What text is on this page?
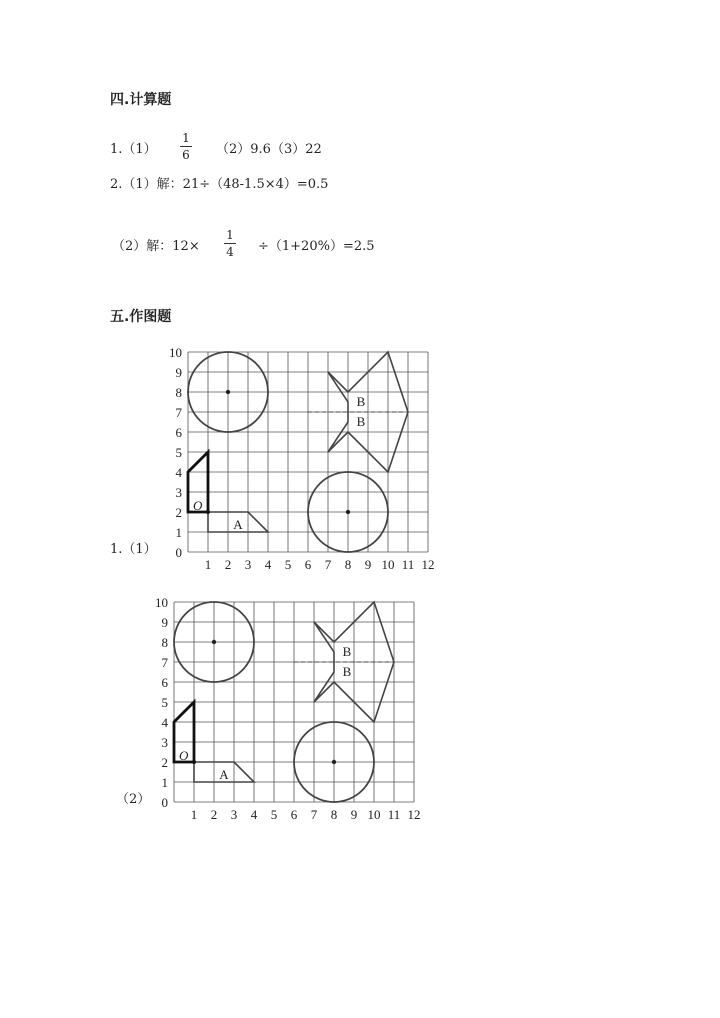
四.计算题
1.（1）
1
6	（2）9.6（3）22
2.（1）解：21÷（48-1.5×4）=0.5
（2）解：12×
1
4	÷（1+20%）=2.5
五.作图题
1.（1）
（2）
1 2 3 4 5 6 7 8 9 10 11 12
0
1
2
3
4
5
6
7
8
9
10
B
B
A
O
1 2 3 4 5 6 7 8 9 10 11 12
0
1
2
3
4
5
6
7
8
9
10
B
B
A
O
